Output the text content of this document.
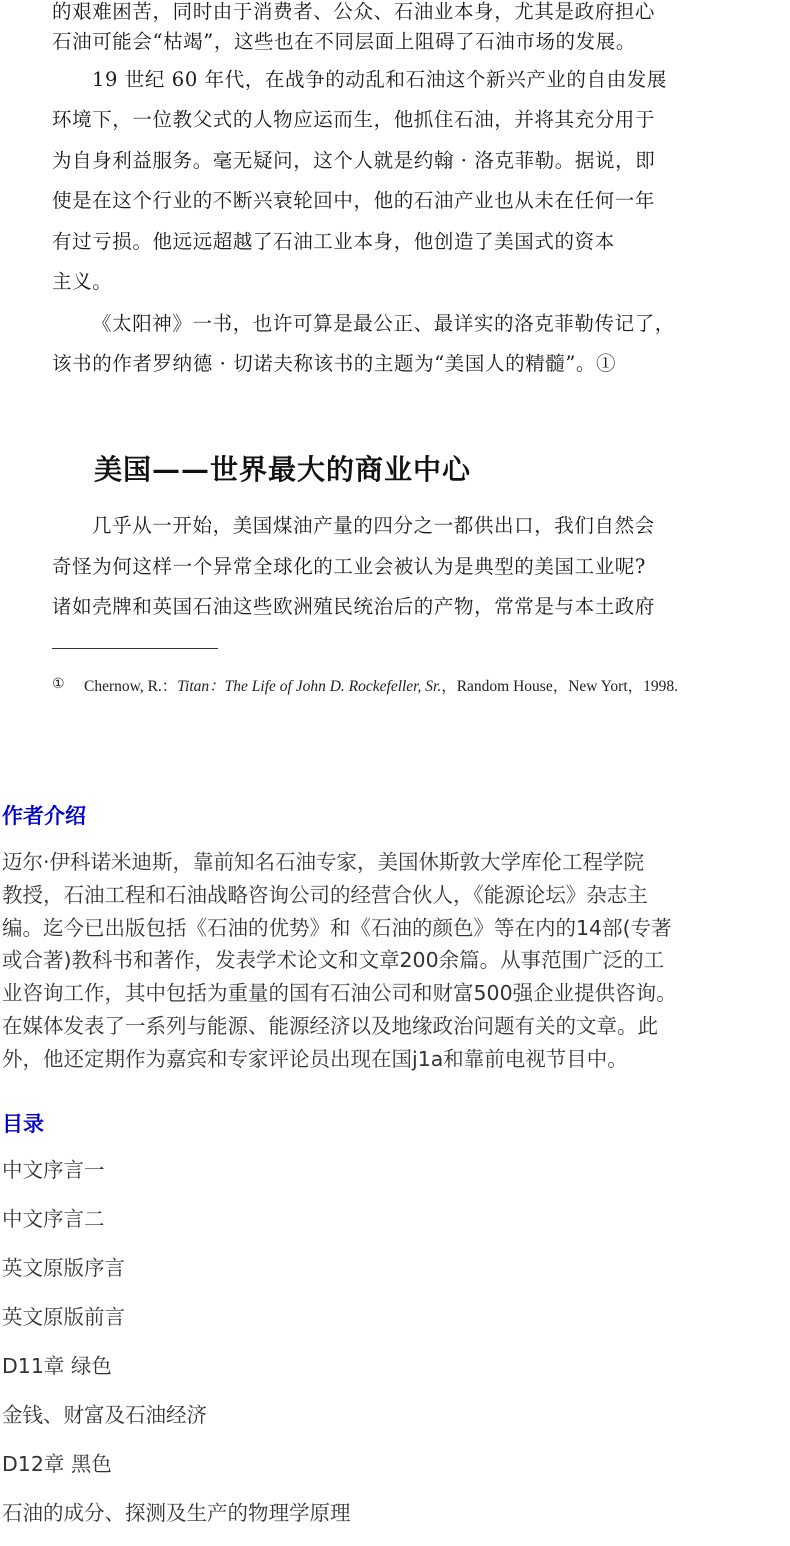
的艰难困苦，同时由于消费者、公众、石油业本身，尤其是政府担心
石油可能会“枯竭”，这些也在不同层面上阻碍了石油市场的发展。
19 世纪 60 年代，在战争的动乱和石油这个新兴产业的自由发展
环境下，一位教父式的人物应运而生，他抓住石油，并将其充分用于
为自身利益服务。毫无疑问，这个人就是约翰 · 洛克菲勒。据说，即
使是在这个行业的不断兴衰轮回中，他的石油产业也从未在任何一年
有过亏损。他远远超越了石油工业本身，他创造了美国式的资本
主义。
《太阳神》一书，也许可算是最公正、最详实的洛克菲勒传记了，
该书的作者罗纳德 · 切诺夫称该书的主题为“美国人的精髓”。①
美国——世界最大的商业中心
几乎从一开始，美国煤油产量的四分之一都供出口，我们自然会
奇怪为何这样一个异常全球化的工业会被认为是典型的美国工业呢?
诸如壳牌和英国石油这些欧洲殖民统治后的产物，常常是与本土政府
① Chernow, R.：Titan：The Life of John D. Rockefeller, Sr.，Random House，New Yort，1998.
作者介绍
迈尔·伊科诺米迪斯，靠前知名石油专家，美国休斯敦大学库伦工程学院
教授，石油工程和石油战略咨询公司的经营合伙人，《能源论坛》杂志主
编。迄今已出版包括《石油的优势》和《石油的颜色》等在内的14部(专著
或合著)教科书和著作，发表学术论文和文章200余篇。从事范围广泛的工
业咨询工作，其中包括为重量的国有石油公司和财富500强企业提供咨询。
在媒体发表了一系列与能源、能源经济以及地缘政治问题有关的文章。此
外，他还定期作为嘉宾和专家评论员出现在国j1a和靠前电视节目中。
目录
中文序言一
中文序言二
英文原版序言
英文原版前言
D11章 绿色
金钱、财富及石油经济
D12章 黑色
石油的成分、探测及生产的物理学原理
